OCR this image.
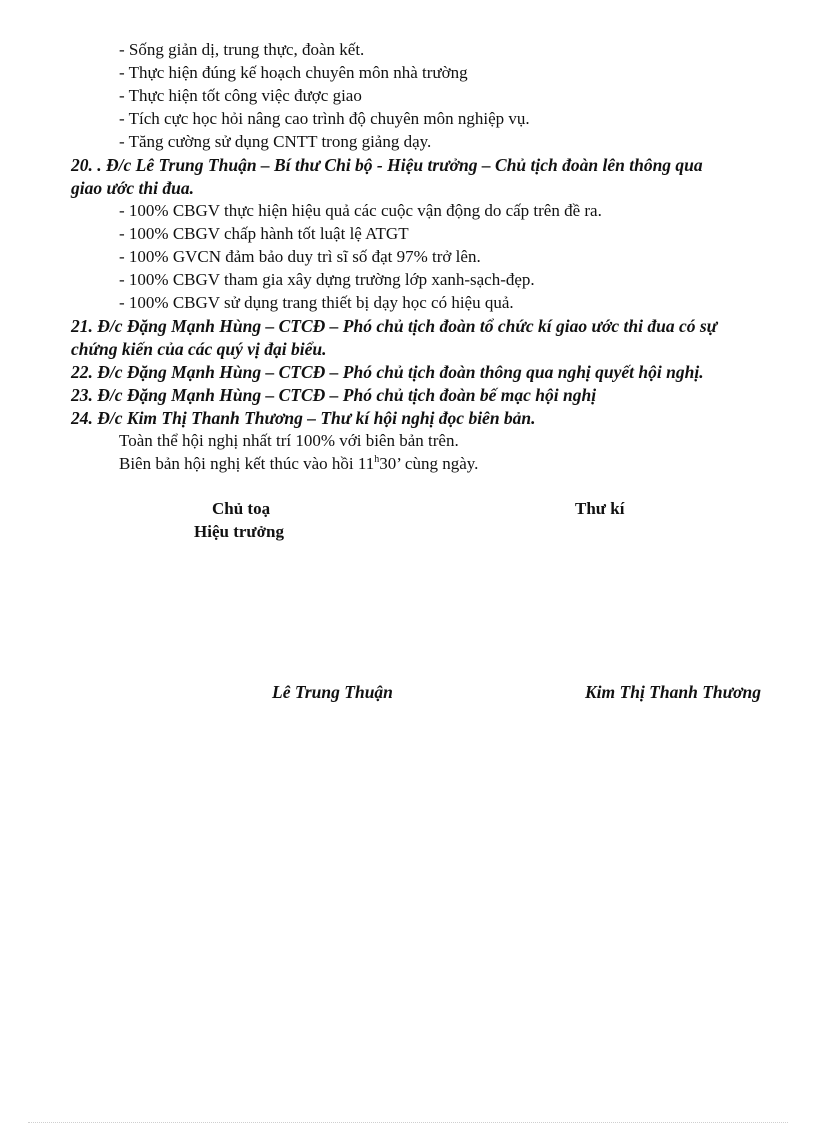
- Sống giản dị, trung thực, đoàn kết.
- Thực hiện đúng kế hoạch chuyên môn nhà trường
- Thực hiện tốt công việc được giao
- Tích cực học hỏi nâng cao trình độ chuyên môn nghiệp vụ.
- Tăng cường sử dụng CNTT trong giảng dạy.
20. . Đ/c Lê Trung Thuận – Bí thư Chi bộ - Hiệu trưởng – Chủ tịch đoàn lên thông qua
giao ước thi đua.
- 100% CBGV thực hiện hiệu quả các cuộc vận động do cấp trên đề ra.
- 100% CBGV chấp hành tốt luật lệ ATGT
- 100% GVCN đảm bảo duy trì sĩ số đạt 97% trở lên.
- 100% CBGV tham gia xây dựng trường lớp xanh-sạch-đẹp.
- 100% CBGV sử dụng trang thiết bị dạy học có hiệu quả.
21. Đ/c Đặng Mạnh Hùng – CTCĐ – Phó chủ tịch đoàn tổ chức kí giao ước thi đua có sự
chứng kiến của các quý vị đại biểu.
22. Đ/c Đặng Mạnh Hùng – CTCĐ – Phó chủ tịch đoàn thông qua nghị quyết hội nghị.
23. Đ/c Đặng Mạnh Hùng – CTCĐ – Phó chủ tịch đoàn bế mạc hội nghị
24. Đ/c Kim Thị Thanh Thương – Thư kí hội nghị đọc biên bản.
Toàn thể hội nghị nhất trí 100% với biên bản trên.
Biên bản hội nghị kết thúc vào hồi 11$^h$30’ cùng ngày.
Chủ toạ
Hiệu trưởng
Thư kí
Lê Trung Thuận	Kim Thị Thanh Thương
